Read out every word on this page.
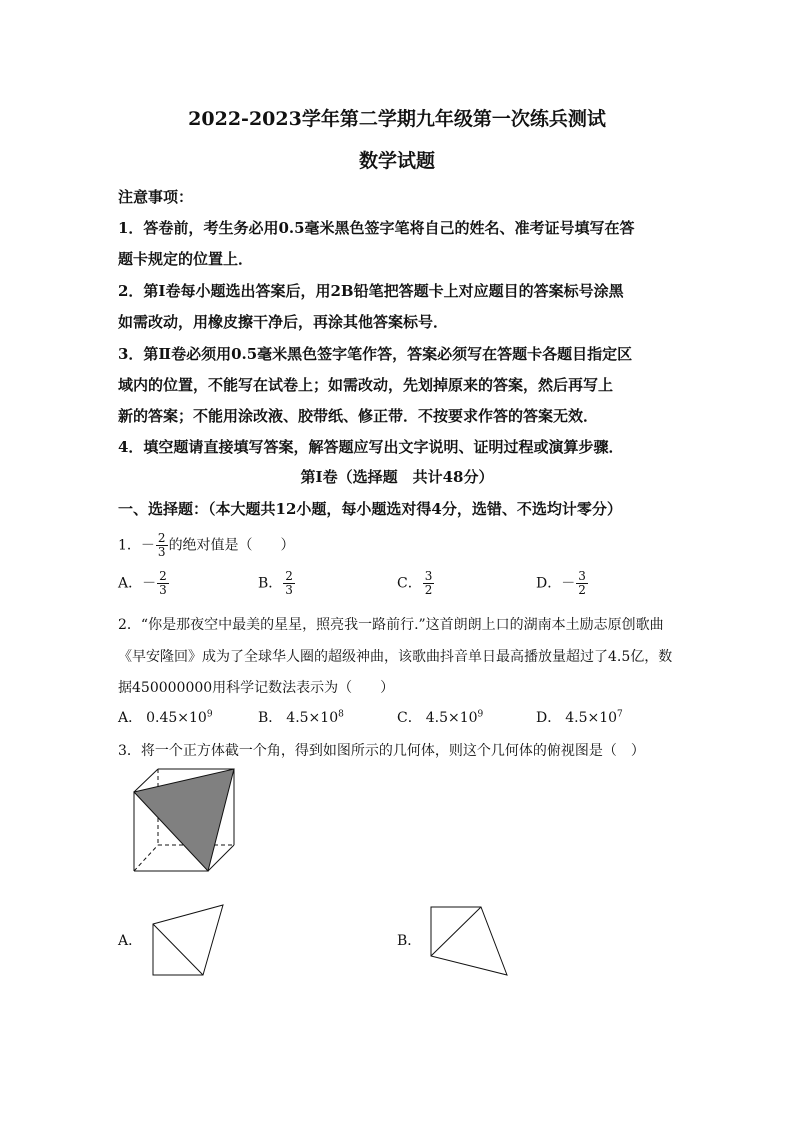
2022-2023学年第二学期九年级第一次练兵测试
数学试题
注意事项：
1．答卷前，考生务必用0.5毫米黑色签字笔将自己的姓名、准考证号填写在答
题卡规定的位置上．
2．第Ⅰ卷每小题选出答案后，用2B铅笔把答题卡上对应题目的答案标号涂黑
如需改动，用橡皮擦干净后，再涂其他答案标号．
3．第Ⅱ卷必须用0.5毫米黑色签字笔作答，答案必须写在答题卡各题目指定区
域内的位置，不能写在试卷上；如需改动，先划掉原来的答案，然后再写上
新的答案；不能用涂改液、胶带纸、修正带．不按要求作答的答案无效．
4．填空题请直接填写答案，解答题应写出文字说明、证明过程或演算步骤．
第Ⅰ卷（选择题　共计48分）
一、选择题：（本大题共12小题，每小题选对得4分，选错、不选均计零分）
1．－ $\frac{2}{3}$ 的绝对值是（　　）
A．－ $\frac{2}{3}$	B． $\frac{2}{3}$	C． $\frac{3}{2}$	D．－ $\frac{3}{2}$
2．“你是那夜空中最美的星星，照亮我一路前行.”这首朗朗上口的湖南本土励志原创歌曲
《早安隆回》成为了全球华人圈的超级神曲，该歌曲抖音单日最高播放量超过了4.5亿，数
据450000000用科学记数法表示为（　　）
A． $0.45\times 10^9$	B． $4.5\times 10^8$	C． $4.5\times 10^9$	D． $4.5\times 10^7$
3．将一个正方体截一个角，得到如图所示的几何体，则这个几何体的俯视图是（　）
A．	B．
